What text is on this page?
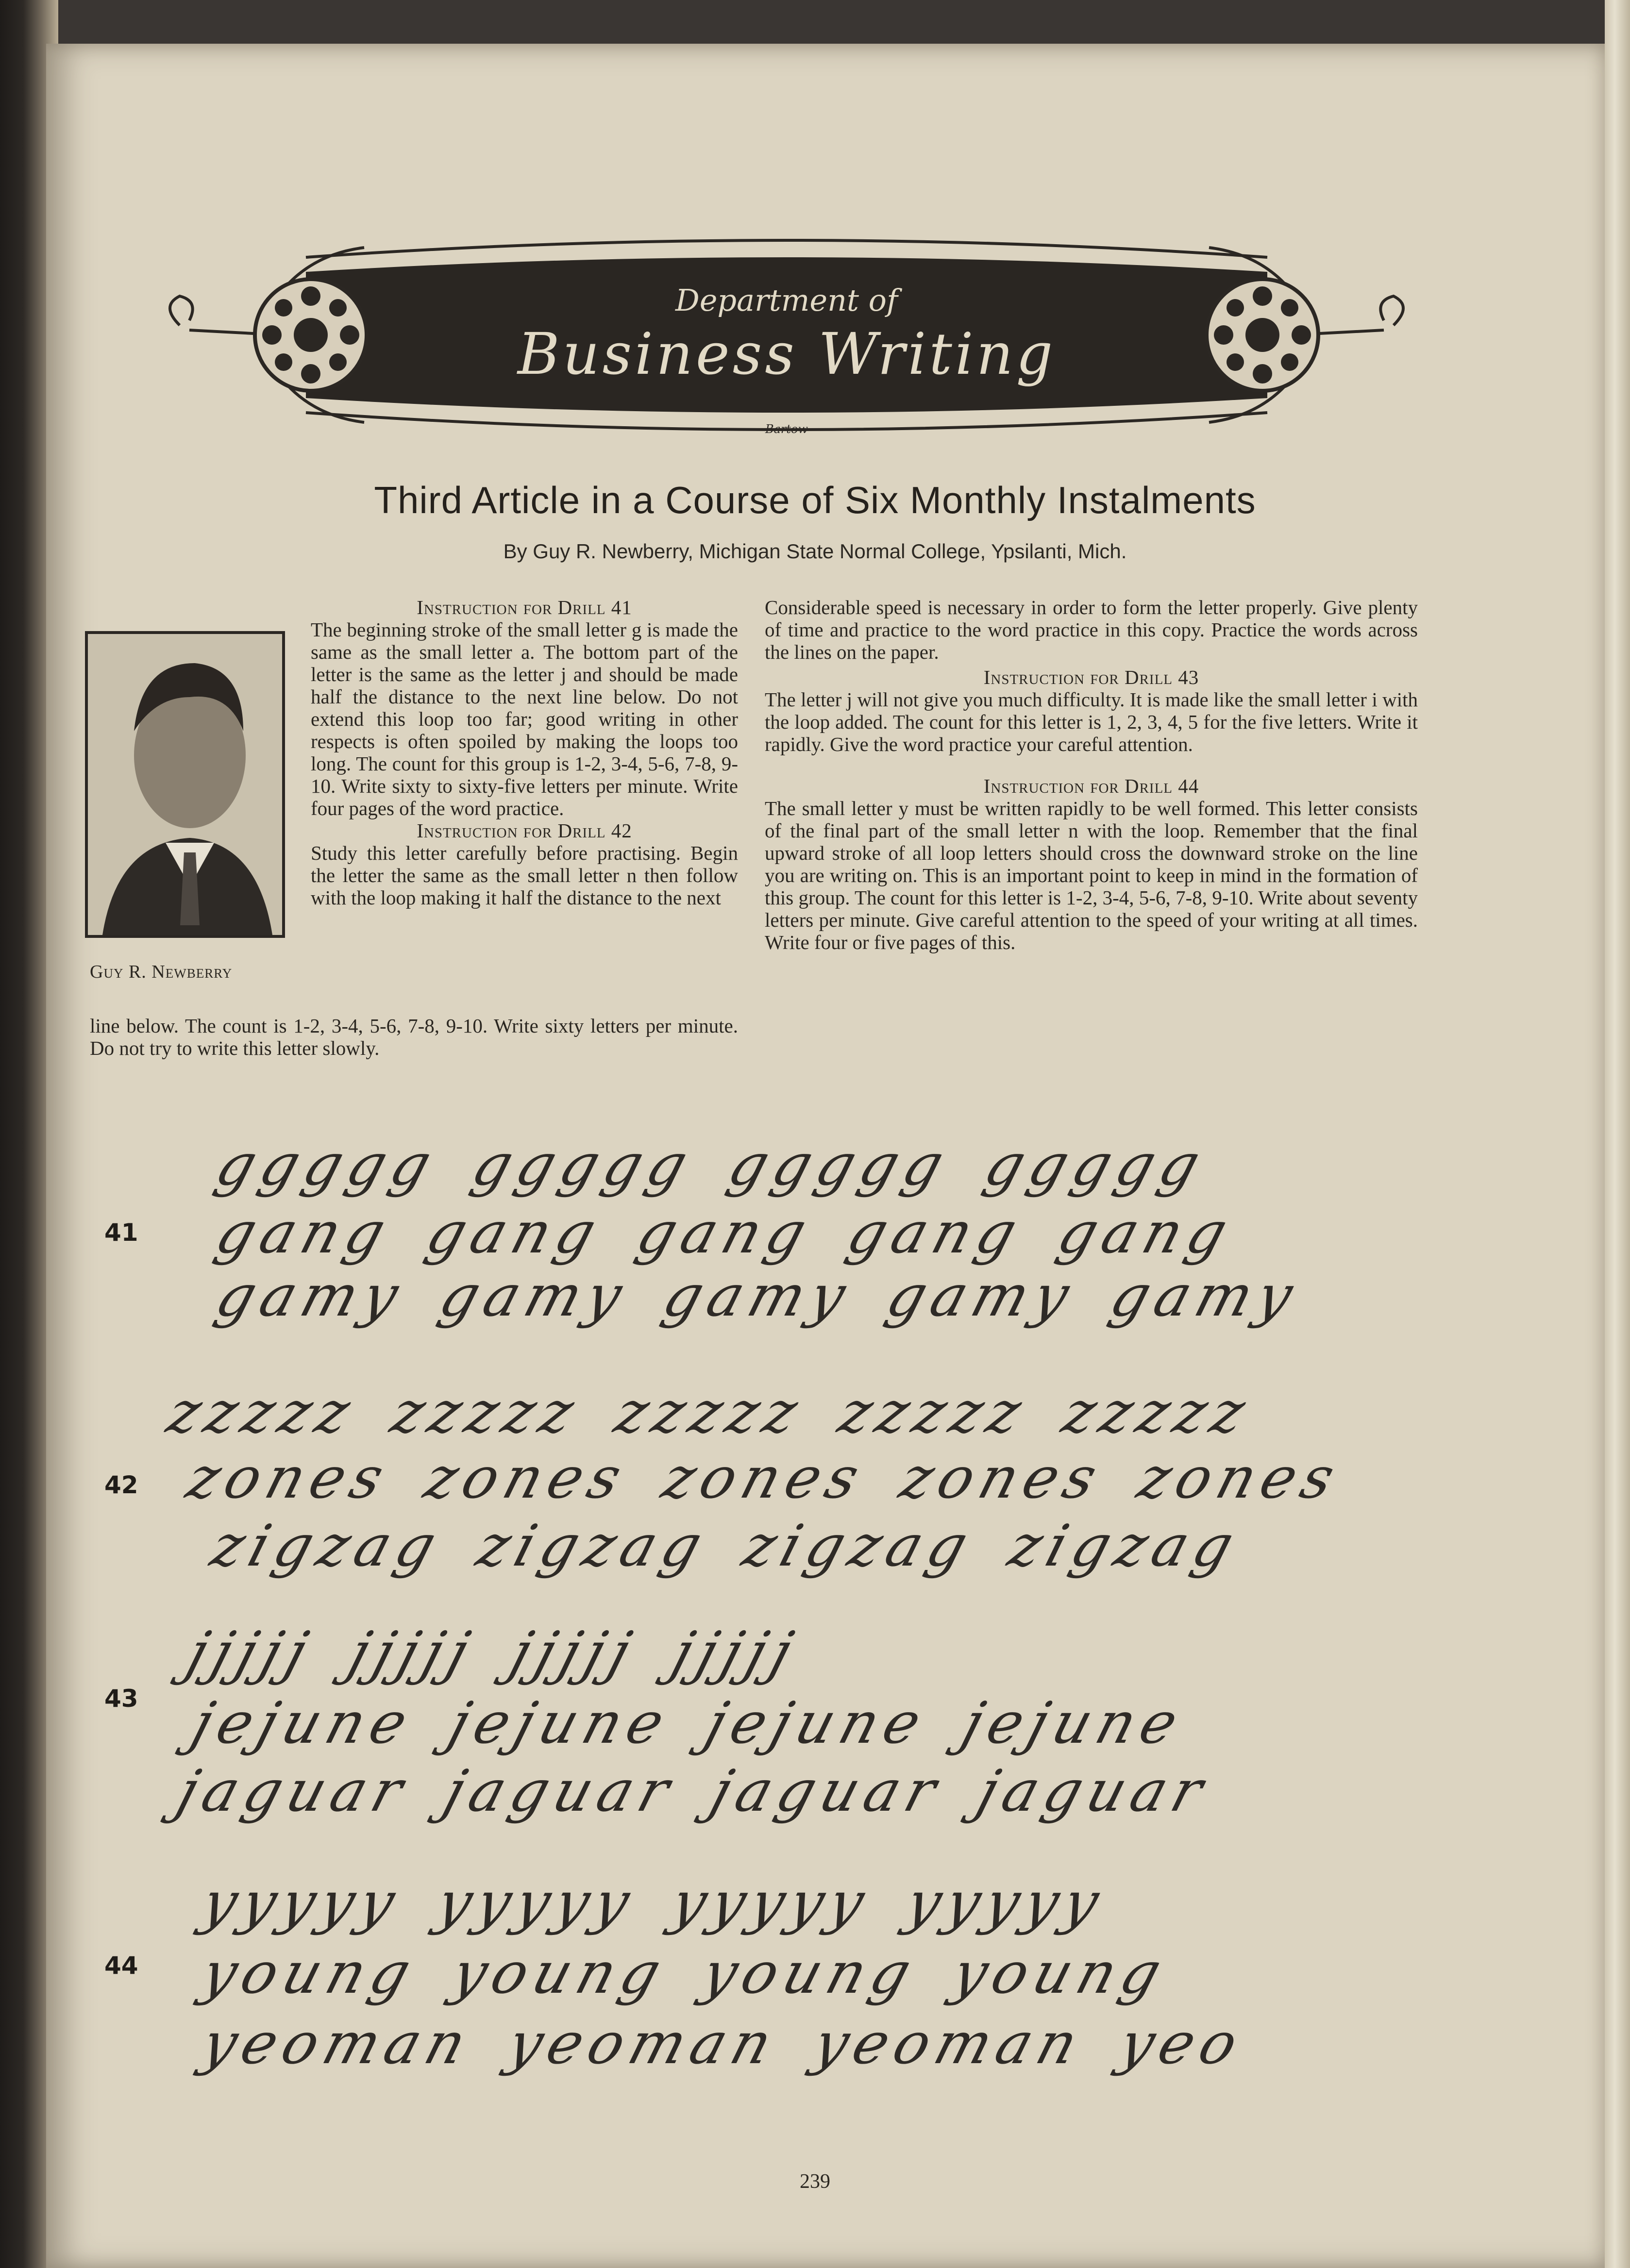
Department of
Business Writing
Bartow
Third Article in a Course of Six Monthly Instalments
By Guy R. Newberry, Michigan State Normal College, Ypsilanti, Mich.
Guy R. Newberry

Instruction for Drill 41

The beginning stroke of the small letter g is made the same as the small letter a. The bottom part of the letter is the same as the letter j and should be made half the distance to the next line below. Do not extend this loop too far; good writing in other respects is often spoiled by making the loops too long. The count for this group is 1-2, 3-4, 5-6, 7-8, 9-10. Write sixty to sixty-five letters per minute. Write four pages of the word practice.

Instruction for Drill 42

Study this letter carefully before practising. Begin the letter the same as the small letter n then follow with the loop making it half the distance to the next

line below. The count is 1-2, 3-4, 5-6, 7-8, 9-10. Write sixty letters per minute. Do not try to write this letter slowly.

Considerable speed is necessary in order to form the letter properly. Give plenty of time and practice to the word practice in this copy. Practice the words across the lines on the paper.

Instruction for Drill 43

The letter j will not give you much difficulty. It is made like the small letter i with the loop added. The count for this letter is 1, 2, 3, 4, 5 for the five letters. Write it rapidly. Give the word practice your careful attention.

Instruction for Drill 44

The small letter y must be written rapidly to be well formed. This letter consists of the final part of the small letter n with the loop. Remember that the final upward stroke of all loop letters should cross the downward stroke on the line you are writing on. This is an important point to keep in mind in the formation of this group. The count for this letter is 1-2, 3-4, 5-6, 7-8, 9-10. Write about seventy letters per minute. Give careful attention to the speed of your writing at all times. Write four or five pages of this.

41
42
43
44
ggggg ggggg ggggg ggggg
gang gang gang gang gang
gamy gamy gamy gamy gamy
zzzzz zzzzz zzzzz zzzzz zzzzz
zones zones zones zones zones
zigzag zigzag zigzag zigzag
jjjjj jjjjj jjjjj jjjjj
jejune jejune jejune jejune
jaguar jaguar jaguar jaguar
yyyyy yyyyy yyyyy yyyyy
young young young young
yeoman yeoman yeoman yeo
239
